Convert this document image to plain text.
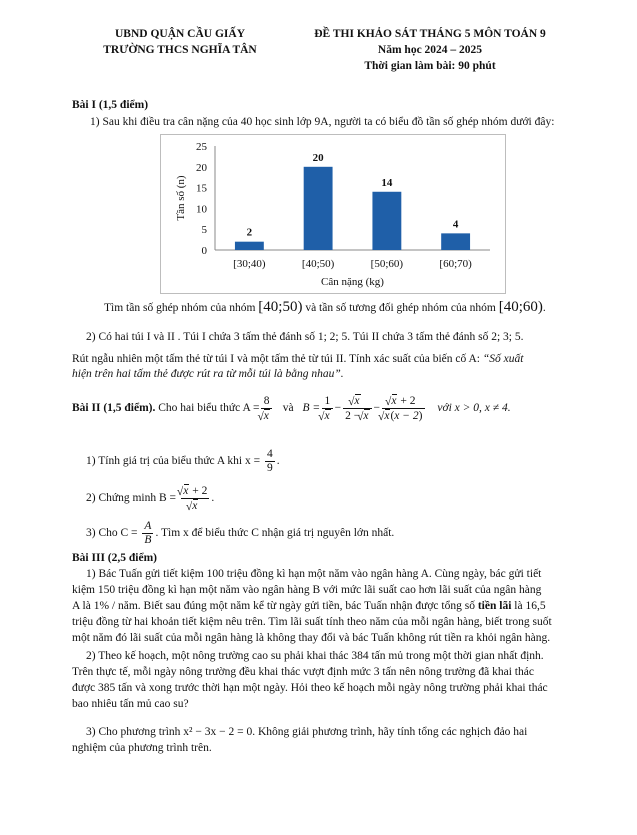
UBND QUẬN CẦU GIẤY
TRƯỜNG THCS NGHĨA TÂN
ĐỀ THI KHẢO SÁT THÁNG 5 MÔN TOÁN 9
Năm học 2024 – 2025
Thời gian làm bài: 90 phút
Bài I (1,5 điểm)
1) Sau khi điều tra cân nặng của 40 học sinh lớp 9A, người ta có biểu đồ tần số ghép nhóm dưới đây:
0
5
10
15
20
25
Tần số (n)
2
[30;40)
20
[40;50)
14
[50;60)
4
[60;70)
Cân nặng (kg)
Tìm tần số ghép nhóm của nhóm [40;50) và tần số tương đối ghép nhóm của nhóm [40;60).
2) Có hai túi I và II . Túi I chứa 3 tấm thẻ đánh số 1; 2; 5. Túi II chứa 3 tấm thẻ đánh số 2; 3; 5.
Rút ngẫu nhiên một tấm thẻ từ túi I và một tấm thẻ từ túi II. Tính xác suất của biến cố A: “Số xuất
hiện trên hai tấm thẻ được rút ra từ mỗi túi là bằng nhau”.
Bài II (1,5 điểm). Cho hai biểu thức A = 8
√ x và B = 1
√ x − √ $\frac{x}{2 - √ x}$ − √ x + 2
√ x(x − 2) với x > 0, x ≠ 4.
1) Tính giá trị của biểu thức A khi $x = \frac{4}{9}$ .
2) Chứng minh B = √ x + 2
√ x .
3) Cho $C = \frac{A}{B}$ . Tìm x để biểu thức C nhận giá trị nguyên lớn nhất.
Bài III (2,5 điểm)
1) Bác Tuấn gửi tiết kiệm 100 triệu đồng kì hạn một năm vào ngân hàng A. Cùng ngày, bác gửi tiết
kiệm 150 triệu đồng kì hạn một năm vào ngân hàng B với mức lãi suất cao hơn lãi suất của ngân hàng
A là 1% / năm. Biết sau đúng một năm kể từ ngày gửi tiền, bác Tuấn nhận được tổng số tiền lãi là 16,5
triệu đồng từ hai khoản tiết kiệm nêu trên. Tìm lãi suất tính theo năm của mỗi ngân hàng, biết trong suốt
một năm đó lãi suất của mỗi ngân hàng là không thay đổi và bác Tuấn không rút tiền ra khỏi ngân hàng.
2) Theo kế hoạch, một nông trường cao su phải khai thác 384 tấn mủ trong một thời gian nhất định.
Trên thực tế, mỗi ngày nông trường đều khai thác vượt định mức 3 tấn nên nông trường đã khai thác
được 385 tấn và xong trước thời hạn một ngày. Hỏi theo kế hoạch mỗi ngày nông trường phải khai thác
bao nhiêu tấn mủ cao su?
3) Cho phương trình x² − 3x − 2 = 0. Không giải phương trình, hãy tính tổng các nghịch đảo hai
nghiệm của phương trình trên.
